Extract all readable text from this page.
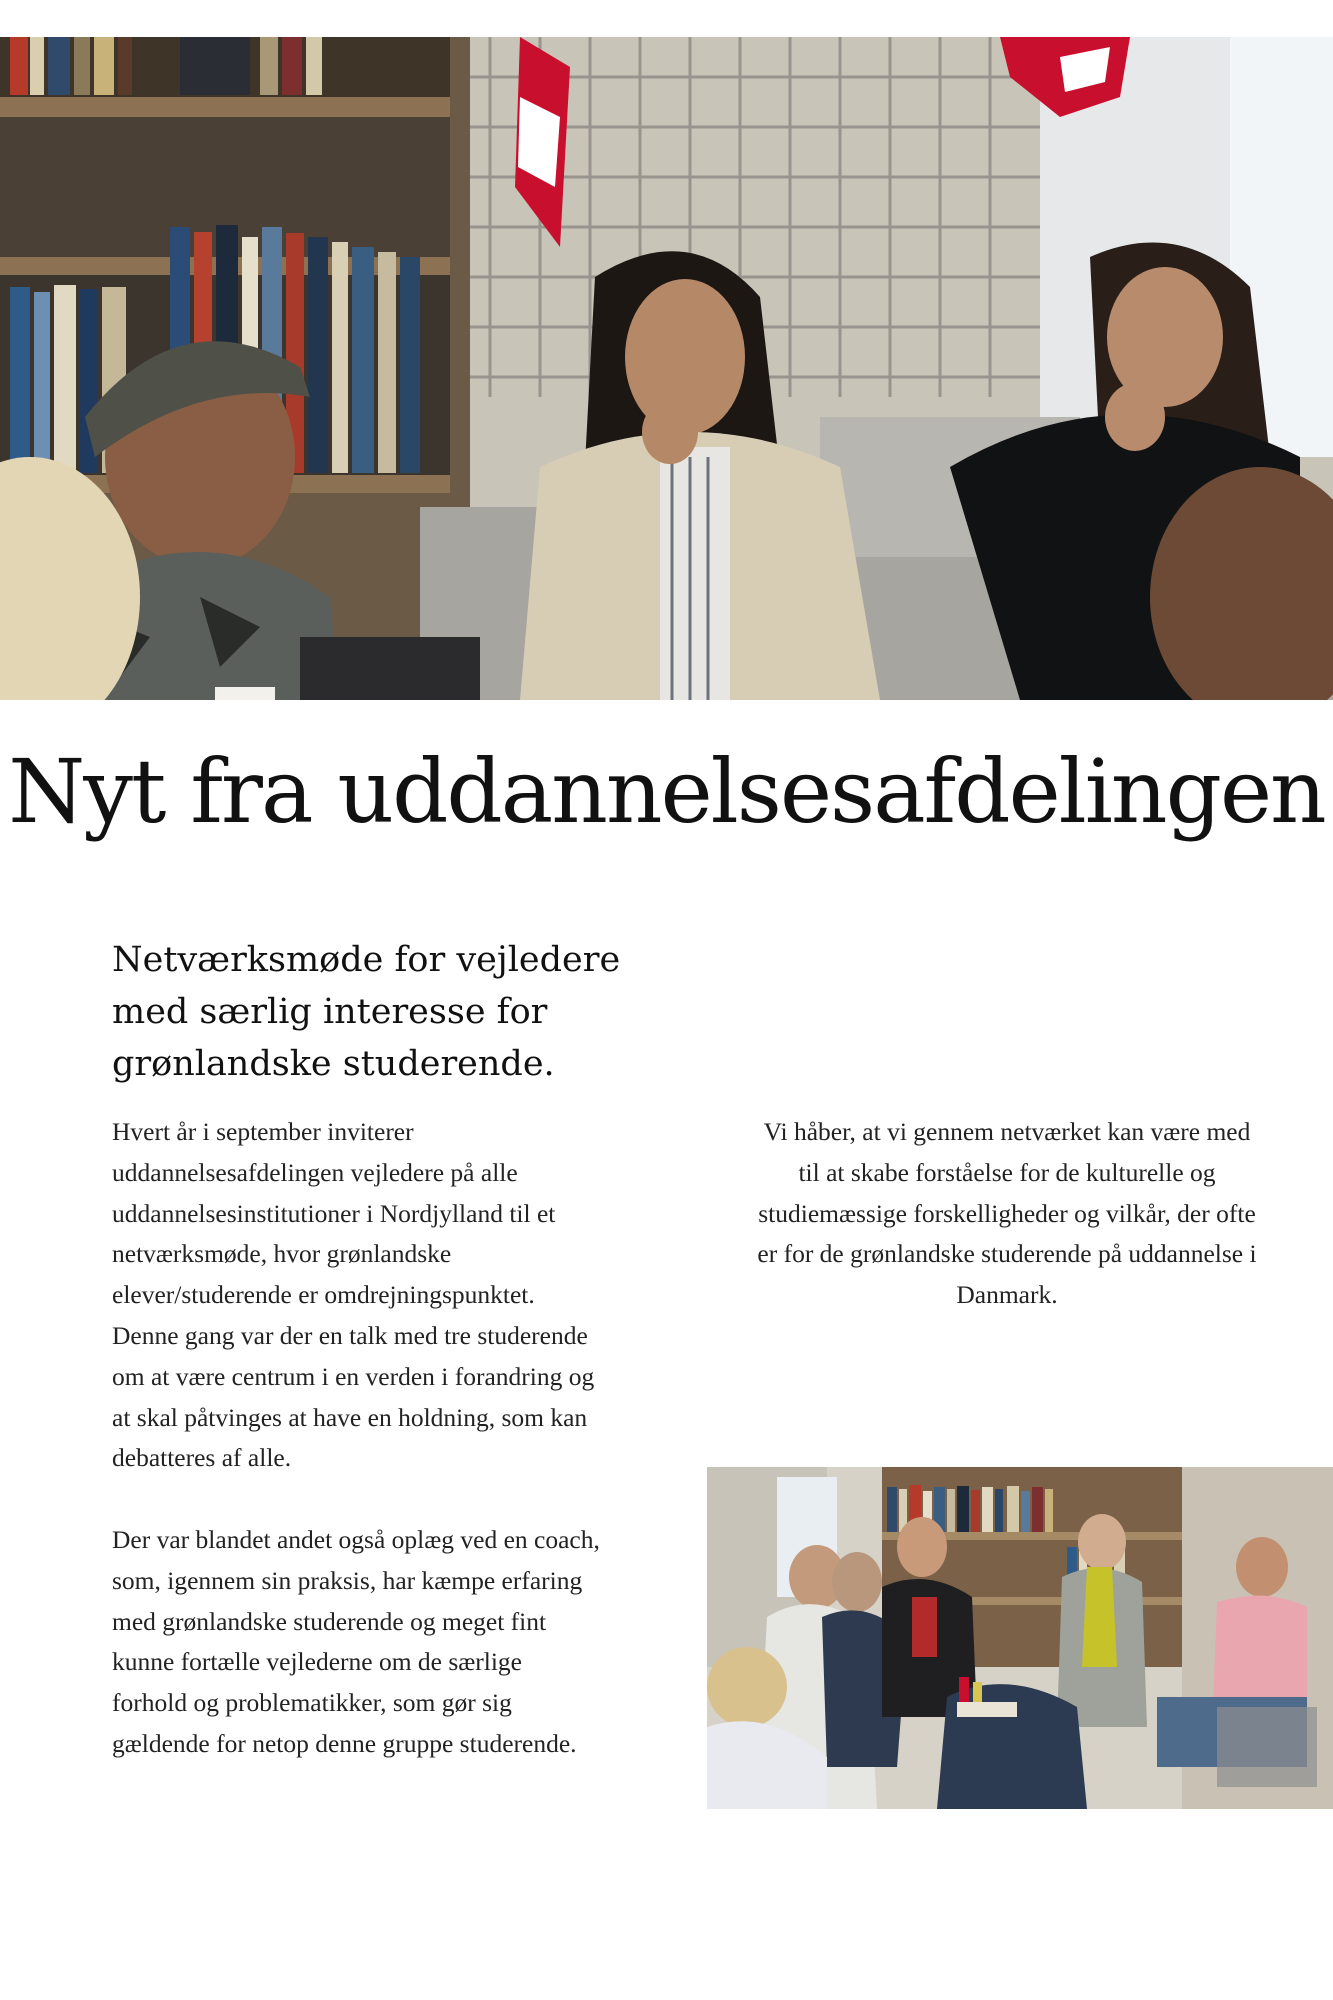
Nyt fra uddannelsesafdelingen
Netværksmøde for vejledere med særlig interesse for grønlandske studerende.

Hvert år i september inviterer uddannelsesafdelingen vejledere på alle uddannelsesinstitutioner i Nordjylland til et netværksmøde, hvor grønlandske elever/studerende er omdrejningspunktet. Denne gang var der en talk med tre studerende om at være centrum i en verden i forandring og at skal påtvinges at have en holdning, som kan debatteres af alle.

Der var blandet andet også oplæg ved en coach, som, igennem sin praksis, har kæmpe erfaring med grønlandske studerende og meget fint kunne fortælle vejlederne om de særlige forhold og problematikker, som gør sig gældende for netop denne gruppe studerende.

Vi håber, at vi gennem netværket kan være med til at skabe forståelse for de kulturelle og studiemæssige forskelligheder og vilkår, der ofte er for de grønlandske studerende på uddannelse i Danmark.
